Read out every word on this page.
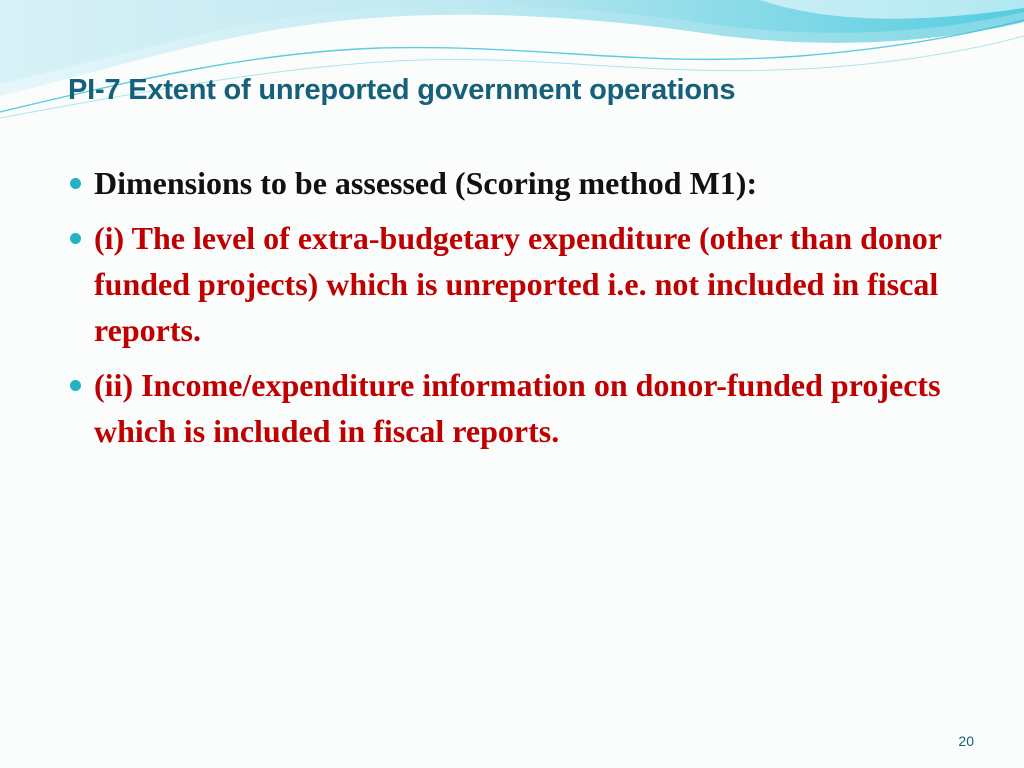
PI-7 Extent of unreported government operations
Dimensions to be assessed (Scoring method M1):
(i) The level of extra-budgetary expenditure (other than donor funded projects) which is unreported i.e. not included in fiscal reports.
(ii) Income/expenditure information on donor-funded projects which is included in fiscal reports.
20
